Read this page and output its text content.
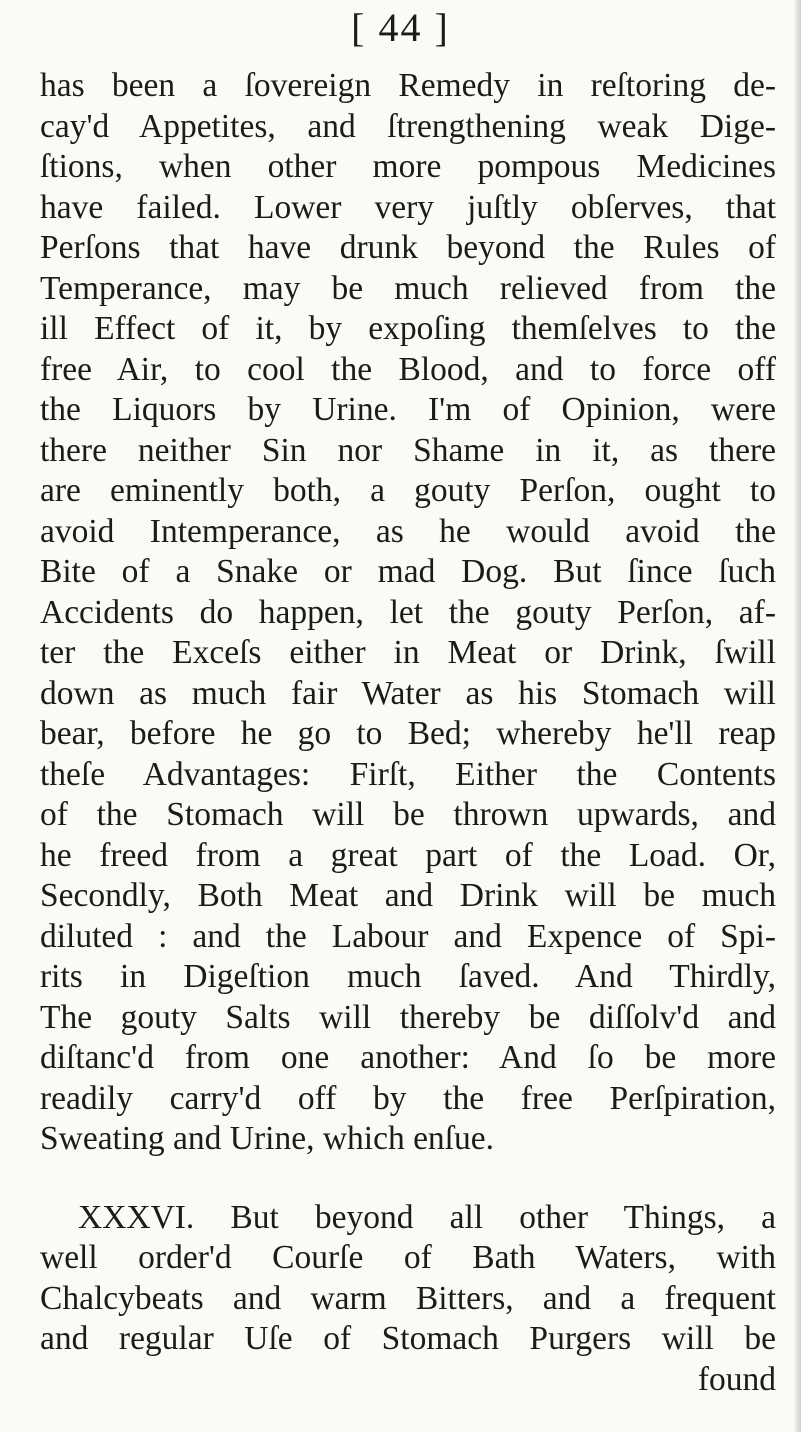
[ 44 ]
has been a ſovereign Remedy in reſtoring de-
cay'd Appetites, and ſtrengthening weak Dige-
ſtions, when other more pompous Medicines
have failed. Lower very juſtly obſerves, that
Perſons that have drunk beyond the Rules of
Temperance, may be much relieved from the
ill Effect of it, by expoſing themſelves to the
free Air, to cool the Blood, and to force off
the Liquors by Urine. I'm of Opinion, were
there neither Sin nor Shame in it, as there
are eminently both, a gouty Perſon, ought to
avoid Intemperance, as he would avoid the
Bite of a Snake or mad Dog. But ſince ſuch
Accidents do happen, let the gouty Perſon, af-
ter the Exceſs either in Meat or Drink, ſwill
down as much fair Water as his Stomach will
bear, before he go to Bed; whereby he'll reap
theſe Advantages: Firſt, Either the Contents
of the Stomach will be thrown upwards, and
he freed from a great part of the Load. Or,
Secondly, Both Meat and Drink will be much
diluted : and the Labour and Expence of Spi-
rits in Digeſtion much ſaved. And Thirdly,
The gouty Salts will thereby be diſſolv'd and
diſtanc'd from one another: And ſo be more
readily carry'd off by the free Perſpiration,
Sweating and Urine, which enſue.
XXXVI. But beyond all other Things, a
well order'd Courſe of Bath Waters, with
Chalcybeats and warm Bitters, and a frequent
and regular Uſe of Stomach Purgers will be
found
